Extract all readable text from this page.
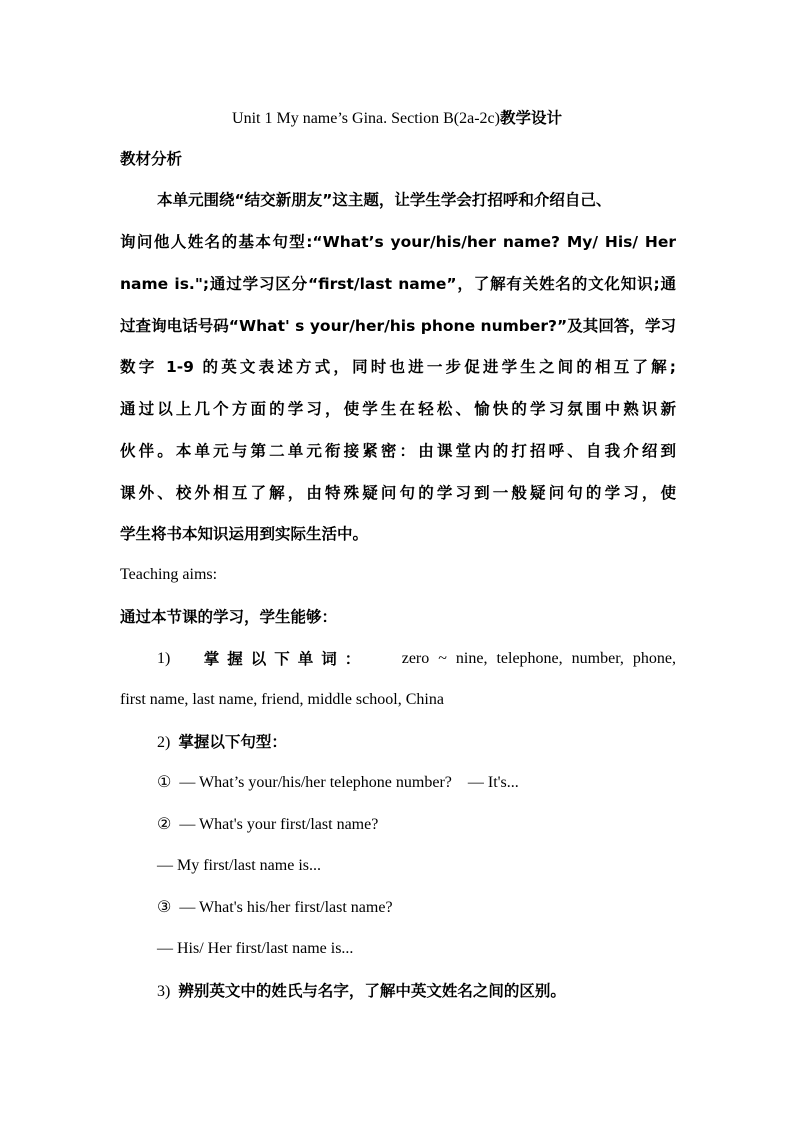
Unit 1 My name’s Gina. Section B(2a-2c)教学设计
教材分析
本单元围绕“结交新朋友”这主题，让学生学会打招呼和介绍自己、
询问他人姓名的基本句型:“What’s your/his/her name? My/ His/ Her
name is.";通过学习区分“first/last name”，了解有关姓名的文化知识;通
过查询电话号码“What' s your/her/his phone number?”及其回答，学习
数字 1-9 的英文表述方式，同时也进一步促进学生之间的相互了解;
通过以上几个方面的学习，使学生在轻松、愉快的学习氛围中熟识新
伙伴。本单元与第二单元衔接紧密：由课堂内的打招呼、自我介绍到
课外、校外相互了解，由特殊疑问句的学习到一般疑问句的学习，使
学生将书本知识运用到实际生活中。
Teaching aims:
通过本节课的学习，学生能够：
1) 掌握以下单词： zero ~ nine, telephone, number, phone,
first name, last name, friend, middle school, China
2) 掌握以下句型：
① — What’s your/his/her telephone number?    — It's...
② — What's your first/last name?
— My first/last name is...
③ — What's his/her first/last name?
— His/ Her first/last name is...
3) 辨别英文中的姓氏与名字，了解中英文姓名之间的区别。
